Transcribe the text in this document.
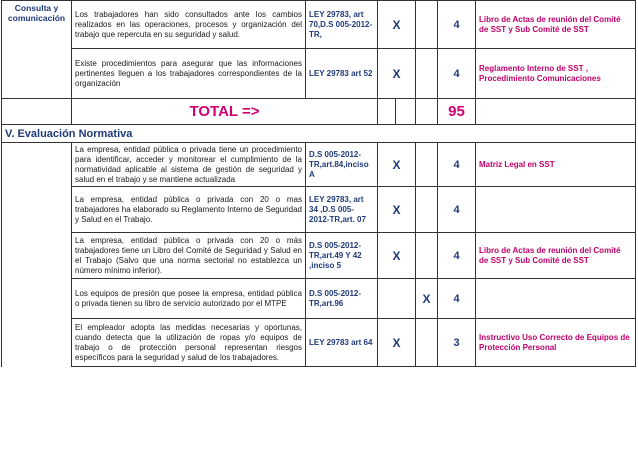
Consulta y comunicación	Los trabajadores han sido consultados ante los cambios realizados en las operaciones, procesos y organización del trabajo que repercuta en su seguridad y salud.	LEY 29783, art 70,D.S 005-2012-TR,	X			4	Libro de Actas de reunión del Comité de SST y Sub Comité de SST
	Existe procedimientos para asegurar que las informaciones pertinentes lleguen a los trabajadores correspondientes de la organización	LEY 29783 art 52	X			4	Reglamento Interno de SST , Procedimiento Comunicaciones
	TOTAL =>					95	
V. Evaluación Normativa							
	La empresa, entidad pública o privada tiene un procedimiento para identificar, acceder y monitorear el cumplimiento de la normatividad aplicable al sistema de gestión de seguridad y salud en el trabajo y se mantiene actualizada	D.S 005-2012-TR,art.84,inciso A	X			4	Matriz Legal en SST
	La empresa, entidad pública o privada con 20 o mas trabajadores ha elaborado su Reglamento Interno de Seguridad y Salud en el Trabajo.	LEY 29783, art 34 ,D.S 005-2012-TR,art. 07	X			4	
	La empresa, entidad pública o privada con 20 o más trabajadores tiene un Libro del Comité de Seguridad y Salud en el Trabajo (Salvo que una norma sectorial no establezca un número mínimo inferior).	D.S 005-2012-TR,art.49 Y 42 ,inciso 5	X			4	Libro de Actas de reunión del Comité de SST y Sub Comité de SST
	Los equipos de presión que posee la empresa, entidad pública o privada tienen su libro de servicio autorizado por el MTPE	D.S 005-2012-TR,art.96			X	4	
	El empleador adopta las medidas necesarias y oportunas, cuando detecta que la utilización de ropas y/o equipos de trabajo o de protección personal representan riesgos específicos para la seguridad y salud de los trabajadores.	LEY 29783 art 64	X			3	Instructivo Uso Correcto de Equipos de Protección Personal
